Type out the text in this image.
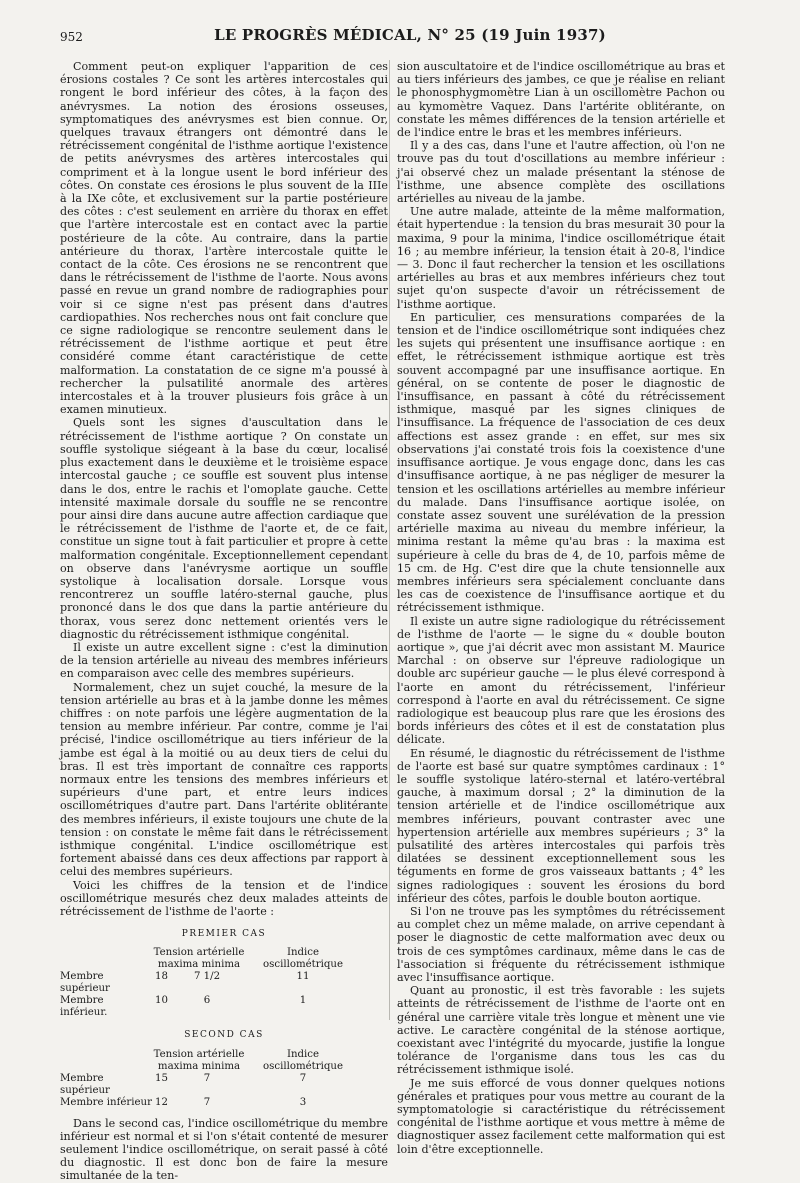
952	LE PROGRÈS MÉDICAL, N° 25 (19 Juin 1937)

Comment peut-on expliquer l'apparition de ces érosions costales ? Ce sont les artères intercostales qui rongent le bord inférieur des côtes, à la façon des anévrysmes. La notion des érosions osseuses, symptomatiques des anévrysmes est bien connue. Or, quelques travaux étrangers ont démontré dans le rétrécissement congénital de l'isthme aortique l'existence de petits anévrysmes des artères intercostales qui compriment et à la longue usent le bord inférieur des côtes. On constate ces érosions le plus souvent de la IIIe à la IXe côte, et exclusivement sur la partie postérieure des côtes : c'est seulement en arrière du thorax en effet que l'artère intercostale est en contact avec la partie postérieure de la côte. Au contraire, dans la partie antérieure du thorax, l'artère intercostale quitte le contact de la côte. Ces érosions ne se rencontrent que dans le rétrécissement de l'isthme de l'aorte. Nous avons passé en revue un grand nombre de radiographies pour voir si ce signe n'est pas présent dans d'autres cardiopathies. Nos recherches nous ont fait conclure que ce signe radiologique se rencontre seulement dans le rétrécissement de l'isthme aortique et peut être considéré comme étant caractéristique de cette malformation. La constatation de ce signe m'a poussé à rechercher la pulsatilité anormale des artères intercostales et à la trouver plusieurs fois grâce à un examen minutieux.

Quels sont les signes d'auscultation dans le rétrécissement de l'isthme aortique ? On constate un souffle systolique siégeant à la base du cœur, localisé plus exactement dans le deuxième et le troisième espace intercostal gauche ; ce souffle est souvent plus intense dans le dos, entre le rachis et l'omoplate gauche. Cette intensité maximale dorsale du souffle ne se rencontre pour ainsi dire dans aucune autre affection cardiaque que le rétrécissement de l'isthme de l'aorte et, de ce fait, constitue un signe tout à fait particulier et propre à cette malformation congénitale. Exceptionnellement cependant on observe dans l'anévrysme aortique un souffle systolique à localisation dorsale. Lorsque vous rencontrerez un souffle latéro-sternal gauche, plus prononcé dans le dos que dans la partie antérieure du thorax, vous serez donc nettement orientés vers le diagnostic du rétrécissement isthmique congénital.

Il existe un autre excellent signe : c'est la diminution de la tension artérielle au niveau des membres inférieurs en comparaison avec celle des membres supérieurs.

Normalement, chez un sujet couché, la mesure de la tension artérielle au bras et à la jambe donne les mêmes chiffres : on note parfois une légère augmentation de la tension au membre inférieur. Par contre, comme je l'ai précisé, l'indice oscillométrique au tiers inférieur de la jambe est égal à la moitié ou au deux tiers de celui du bras. Il est très important de connaître ces rapports normaux entre les tensions des membres inférieurs et supérieurs d'une part, et entre leurs indices oscillométriques d'autre part. Dans l'artérite oblitérante des membres inférieurs, il existe toujours une chute de la tension : on constate le même fait dans le rétrécissement isthmique congénital. L'indice oscillométrique est fortement abaissé dans ces deux affections par rapport à celui des membres supérieurs.

Voici les chiffres de la tension et de l'indice oscillométrique mesurés chez deux malades atteints de rétrécissement de l'isthme de l'aorte :

PREMIER CAS
	Tension artérielle		Indice
	maxima minima		oscillométrique
Membre supérieur	18	7 1/2	11
Membre inférieur.	10	6	1
SECOND CAS
	Tension artérielle		Indice
	maxima minima		oscillométrique
Membre supérieur	15	7	7
Membre inférieur	12	7	3

Dans le second cas, l'indice oscillométrique du membre inférieur est normal et si l'on s'était contenté de mesurer seulement l'indice oscillométrique, on serait passé à côté du diagnostic. Il est donc bon de faire la mesure simultanée de la ten-

sion auscultatoire et de l'indice oscillométrique au bras et au tiers inférieurs des jambes, ce que je réalise en reliant le phonosphygmomètre Lian à un oscillomètre Pachon ou au kymomètre Vaquez. Dans l'artérite oblitérante, on constate les mêmes différences de la tension artérielle et de l'indice entre le bras et les membres inférieurs.

Il y a des cas, dans l'une et l'autre affection, où l'on ne trouve pas du tout d'oscillations au membre inférieur : j'ai observé chez un malade présentant la sténose de l'isthme, une absence complète des oscillations artérielles au niveau de la jambe.

Une autre malade, atteinte de la même malformation, était hypertendue : la tension du bras mesurait 30 pour la maxima, 9 pour la minima, l'indice oscillométrique était 16 ; au membre inférieur, la tension était à 20-8, l'indice — 3. Donc il faut rechercher la tension et les oscillations artérielles au bras et aux membres inférieurs chez tout sujet qu'on suspecte d'avoir un rétrécissement de l'isthme aortique.

En particulier, ces mensurations comparées de la tension et de l'indice oscillométrique sont indiquées chez les sujets qui présentent une insuffisance aortique : en effet, le rétrécissement isthmique aortique est très souvent accompagné par une insuffisance aortique. En général, on se contente de poser le diagnostic de l'insuffisance, en passant à côté du rétrécissement isthmique, masqué par les signes cliniques de l'insuffisance. La fréquence de l'association de ces deux affections est assez grande : en effet, sur mes six observations j'ai constaté trois fois la coexistence d'une insuffisance aortique. Je vous engage donc, dans les cas d'insuffisance aortique, à ne pas négliger de mesurer la tension et les oscillations artérielles au membre inférieur du malade. Dans l'insuffisance aortique isolée, on constate assez souvent une surélévation de la pression artérielle maxima au niveau du membre inférieur, la minima restant la même qu'au bras : la maxima est supérieure à celle du bras de 4, de 10, parfois même de 15 cm. de Hg. C'est dire que la chute tensionnelle aux membres inférieurs sera spécialement concluante dans les cas de coexistence de l'insuffisance aortique et du rétrécissement isthmique.

Il existe un autre signe radiologique du rétrécissement de l'isthme de l'aorte — le signe du « double bouton aortique », que j'ai décrit avec mon assistant M. Maurice Marchal : on observe sur l'épreuve radiologique un double arc supérieur gauche — le plus élevé correspond à l'aorte en amont du rétrécissement, l'inférieur correspond à l'aorte en aval du rétrécissement. Ce signe radiologique est beaucoup plus rare que les érosions des bords inférieurs des côtes et il est de constatation plus délicate.

En résumé, le diagnostic du rétrécissement de l'isthme de l'aorte est basé sur quatre symptômes cardinaux : 1° le souffle systolique latéro-sternal et latéro-vertébral gauche, à maximum dorsal ; 2° la diminution de la tension artérielle et de l'indice oscillométrique aux membres inférieurs, pouvant contraster avec une hypertension artérielle aux membres supérieurs ; 3° la pulsatilité des artères intercostales qui parfois très dilatées se dessinent exceptionnellement sous les téguments en forme de gros vaisseaux battants ; 4° les signes radiologiques : souvent les érosions du bord inférieur des côtes, parfois le double bouton aortique.

Si l'on ne trouve pas les symptômes du rétrécissement au complet chez un même malade, on arrive cependant à poser le diagnostic de cette malformation avec deux ou trois de ces symptômes cardinaux, même dans le cas de l'association si fréquente du rétrécissement isthmique avec l'insuffisance aortique.

Quant au pronostic, il est très favorable : les sujets atteints de rétrécissement de l'isthme de l'aorte ont en général une carrière vitale très longue et mènent une vie active. Le caractère congénital de la sténose aortique, coexistant avec l'intégrité du myocarde, justifie la longue tolérance de l'organisme dans tous les cas du rétrécissement isthmique isolé.

Je me suis efforcé de vous donner quelques notions générales et pratiques pour vous mettre au courant de la symptomatologie si caractéristique du rétrécissement congénital de l'isthme aortique et vous mettre à même de diagnostiquer assez facilement cette malformation qui est loin d'être exceptionnelle.
